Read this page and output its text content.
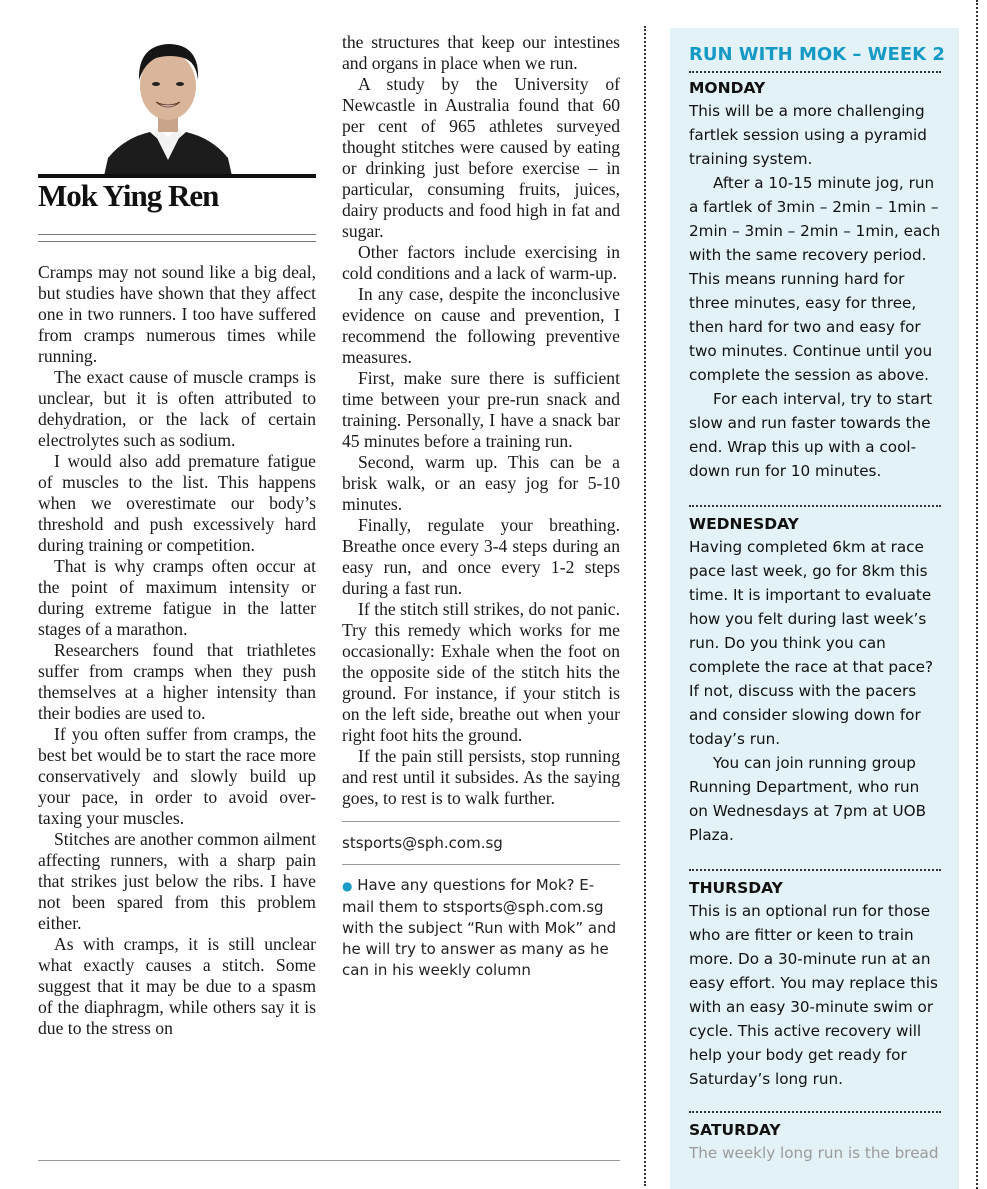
Mok Ying Ren

Cramps may not sound like a big deal, but studies have shown that they affect one in two runners. I too have suffered from cramps numerous times while running.

The exact cause of muscle cramps is unclear, but it is often attributed to dehydration, or the lack of certain electrolytes such as sodium.

I would also add premature fatigue of muscles to the list. This happens when we overestimate our body’s threshold and push excessively hard during training or competition.

That is why cramps often occur at the point of maximum intensity or during extreme fatigue in the latter stages of a marathon.

Researchers found that triathletes suffer from cramps when they push themselves at a higher intensity than their bodies are used to.

If you often suffer from cramps, the best bet would be to start the race more conservatively and slowly build up your pace, in order to avoid over-taxing your muscles.

Stitches are another common ailment affecting runners, with a sharp pain that strikes just below the ribs. I have not been spared from this problem either.

As with cramps, it is still unclear what exactly causes a stitch. Some suggest that it may be due to a spasm of the diaphragm, while others say it is due to the stress on

the structures that keep our intestines and organs in place when we run.

A study by the University of Newcastle in Australia found that 60 per cent of 965 athletes surveyed thought stitches were caused by eating or drinking just before exercise – in particular, consuming fruits, juices, dairy products and food high in fat and sugar.

Other factors include exercising in cold conditions and a lack of warm-up.

In any case, despite the inconclusive evidence on cause and prevention, I recommend the following preventive measures.

First, make sure there is sufficient time between your pre-run snack and training. Personally, I have a snack bar 45 minutes before a training run.

Second, warm up. This can be a brisk walk, or an easy jog for 5-10 minutes.

Finally, regulate your breathing. Breathe once every 3-4 steps during an easy run, and once every 1-2 steps during a fast run.

If the stitch still strikes, do not panic. Try this remedy which works for me occasionally: Exhale when the foot on the opposite side of the stitch hits the ground. For instance, if your stitch is on the left side, breathe out when your right foot hits the ground.

If the pain still persists, stop running and rest until it subsides. As the saying goes, to rest is to walk further.

stsports@sph.com.sg
● Have any questions for Mok? E-mail them to stsports@sph.com.sg with the subject “Run with Mok” and he will try to answer as many as he can in his weekly column
RUN WITH MOK – WEEK 2
MONDAY

This will be a more challenging fartlek session using a pyramid training system.

After a 10-15 minute jog, run a fartlek of 3min – 2min – 1min – 2min – 3min – 2min – 1min, each with the same recovery period. This means running hard for three minutes, easy for three, then hard for two and easy for two minutes. Continue until you complete the session as above.

For each interval, try to start slow and run faster towards the end. Wrap this up with a cool-down run for 10 minutes.

WEDNESDAY

Having completed 6km at race pace last week, go for 8km this time. It is important to evaluate how you felt during last week’s run. Do you think you can complete the race at that pace? If not, discuss with the pacers and consider slowing down for today’s run.

You can join running group Running Department, who run on Wednesdays at 7pm at UOB Plaza.

THURSDAY

This is an optional run for those who are fitter or keen to train more. Do a 30-minute run at an easy effort. You may replace this with an easy 30-minute swim or cycle. This active recovery will help your body get ready for Saturday’s long run.

SATURDAY
The weekly long run is the bread
